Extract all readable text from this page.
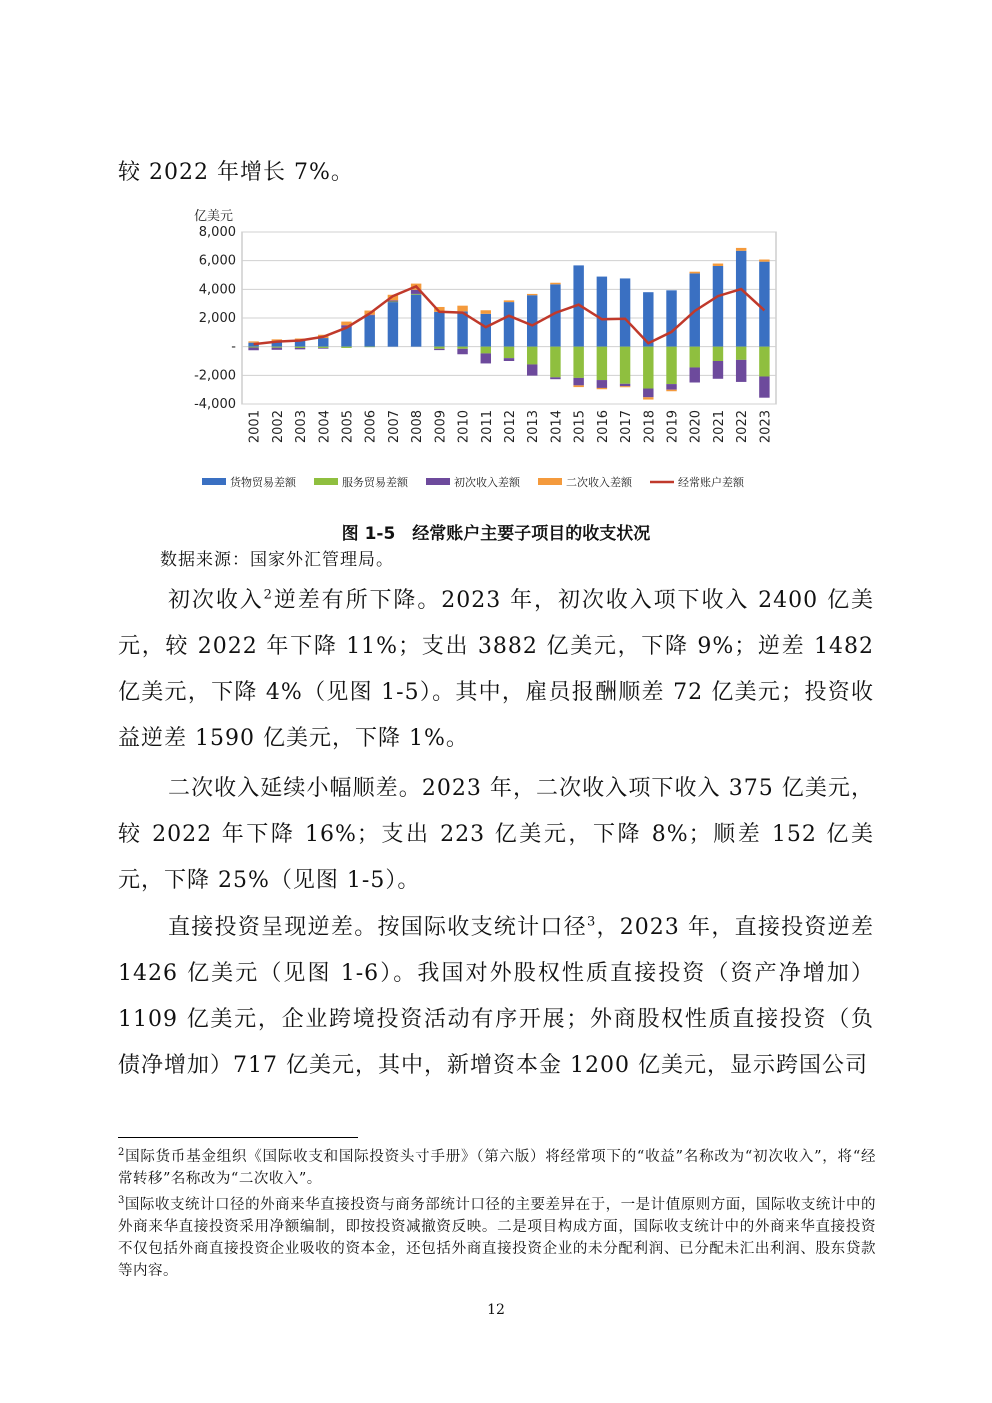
较 2022 年增长 7%。

亿美元
8,000
6,000
4,000
2,000
-
-2,000
-4,000
2001 2002 2003 2004 2005 2006 2007 2008 2009 2010 2011 2012 2013 2014 2015 2016 2017 2018 2019 2020 2021 2022 2023
货物贸易差额	服务贸易差额	初次收入差额	二次收入差额	经常账户差额

图 1-5　经常账户主要子项目的收支状况

数据来源：国家外汇管理局。

初次收入$^2$逆差有所下降。2023 年，初次收入项下收入 2400 亿美元，较 2022 年下降 11%；支出 3882 亿美元，下降 9%；逆差 1482 亿美元，下降 4%（见图 1-5）。其中，雇员报酬顺差 72 亿美元；投资收益逆差 1590 亿美元，下降 1%。

二次收入延续小幅顺差。2023 年，二次收入项下收入 375 亿美元，较 2022 年下降 16%；支出 223 亿美元，下降 8%；顺差 152 亿美元，下降 25%（见图 1-5）。

直接投资呈现逆差。按国际收支统计口径$^3$，2023 年，直接投资逆差 1426 亿美元（见图 1-6）。我国对外股权性质直接投资（资产净增加）1109 亿美元，企业跨境投资活动有序开展；外商股权性质直接投资（负债净增加）717 亿美元，其中，新增资本金 1200 亿美元，显示跨国公司

$^2$国际货币基金组织《国际收支和国际投资头寸手册》（第六版）将经常项下的“收益”名称改为“初次收入”，将“经常转移”名称改为“二次收入”。

$^3$国际收支统计口径的外商来华直接投资与商务部统计口径的主要差异在于，一是计值原则方面，国际收支统计中的外商来华直接投资采用净额编制，即按投资减撤资反映。二是项目构成方面，国际收支统计中的外商来华直接投资不仅包括外商直接投资企业吸收的资本金，还包括外商直接投资企业的未分配利润、已分配未汇出利润、股东贷款等内容。

12
